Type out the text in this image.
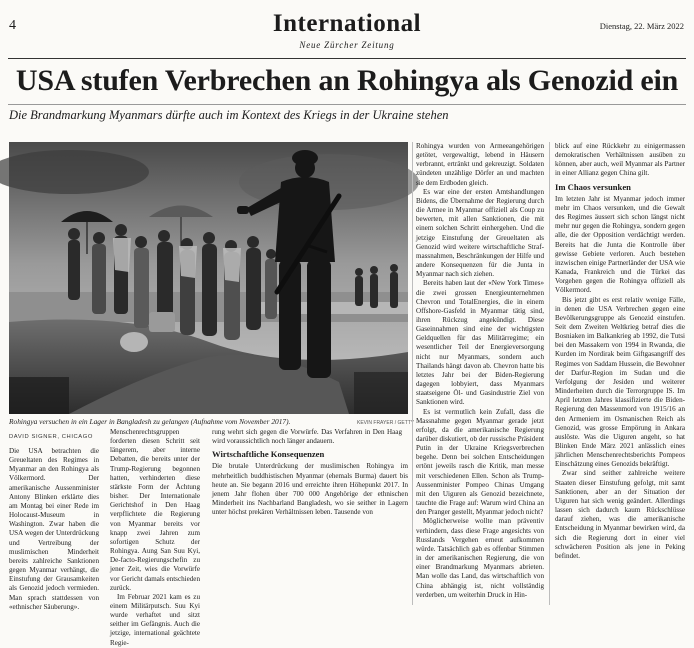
4	International
Neue Zürcher Zeitung
Dienstag, 22. März 2022
USA stufen Verbrechen an Rohingya als Genozid ein
Die Brandmarkung Myanmars dürfte auch im Kontext des Kriegs in der Ukraine stehen
Rohingya versuchen in ein Lager in Bangladesh zu gelangen (Aufnahme vom November 2017).	KEVIN FRAYER / GETTY
DAVID SIGNER, CHICAGO

Die USA betrachten die Greueltaten des Regimes in Myanmar an den Rohingya als Völkermord. Der amerikanische Aussenminister Antony Blinken erklärte dies am Montag bei einer Rede im Holocaust-Museum in Washington. Zwar haben die USA wegen der Unterdrückung und Vertreibung der muslimischen Minderheit bereits zahlreiche Sanktionen gegen Myanmar verhängt, die Einstufung der Grausamkeiten als Genozid jedoch vermieden. Man sprach stattdessen von «ethnischer Säuberung».

Menschenrechtsgruppen forderten diesen Schritt seit längerem, aber interne Debatten, die bereits unter der Trump-Regierung begonnen hatten, verhinderten diese stärkste Form der Ächtung bisher. Der Internationale Gerichtshof in Den Haag verpflichtete die Regierung von Myanmar bereits vor knapp zwei Jahren zum sofortigen Schutz der Rohingya. Aung San Suu Kyi, De-facto-Regierungschefin zu jener Zeit, wies die Vorwürfe vor Gericht damals entschieden zurück.

Im Februar 2021 kam es zu einem Militärputsch. Suu Kyi wurde verhaftet und sitzt seither im Gefängnis. Auch die jetzige, international geächtete Regie-

rung wehrt sich gegen die Vorwürfe. Das Verfahren in Den Haag wird voraussichtlich noch länger andauern.

Wirtschaftliche Konsequenzen

Die brutale Unterdrückung der muslimischen Rohingya im mehrheitlich buddhistischen Myanmar (ehemals Burma) dauert bis heute an. Sie begann 2016 und erreichte ihren Höhepunkt 2017. In jenem Jahr flohen über 700 000 Angehörige der ethnischen Minderheit ins Nachbarland Bangladesh, wo sie seither in Lagern unter höchst prekären Verhältnissen leben. Tausende von

Rohingya wurden von Armeeangehörigen getötet, vergewaltigt, lebend in Häusern verbrannt, ertränkt und gekreuzigt. Soldaten zündeten unzählige Dörfer an und machten sie dem Erdboden gleich.

Es war eine der ersten Amtshandlungen Bidens, die Übernahme der Regierung durch die Armee in Myanmar offiziell als Coup zu bewerten, mit allen Sanktionen, die mit einem solchen Schritt einhergehen. Und die jetzige Einstufung der Greueltaten als Genozid wird weitere wirtschaftliche Strafmassnahmen, Beschränkungen der Hilfe und andere Konsequenzen für die Junta in Myanmar nach sich ziehen.

Bereits haben laut der «New York Times» die zwei grossen Energieunternehmen Chevron und TotalEnergies, die in einem Offshore-Gasfeld in Myanmar tätig sind, ihren Rückzug angekündigt. Diese Gaseinnahmen sind eine der wichtigsten Geldquellen für das Militärregime; ein wesentlicher Teil der Energieversorgung nicht nur Myanmars, sondern auch Thailands hängt davon ab. Chevron hatte bis letztes Jahr bei der Biden-Regierung dagegen lobbyiert, dass Myanmars staatseigene Öl- und Gasindustrie Ziel von Sanktionen wird.

Es ist vermutlich kein Zufall, dass die Massnahme gegen Myanmar gerade jetzt erfolgt, da die amerikanische Regierung darüber diskutiert, ob der russische Präsident Putin in der Ukraine Kriegsverbrechen begehe. Denn bei solchen Entscheidungen ertönt jeweils rasch die Kritik, man messe mit verschiedenen Ellen. Schon als Trump-Aussenminister Pompeo Chinas Umgang mit den Uiguren als Genozid bezeichnete, tauchte die Frage auf: Warum wird China an den Pranger gestellt, Myanmar jedoch nicht?

Möglicherweise wollte man präventiv verhindern, dass diese Frage angesichts von Russlands Vergehen erneut aufkommen würde. Tatsächlich gab es offenbar Stimmen in der amerikanischen Regierung, die von einer Brandmarkung Myanmars abrieten. Man wolle das Land, das wirtschaftlich von China abhängig ist, nicht vollständig verderben, um weiterhin Druck in Hin-

blick auf eine Rückkehr zu einigermassen demokratischen Verhältnissen ausüben zu können, aber auch, weil Myanmar als Partner in einer Allianz gegen China gilt.

Im Chaos versunken

Im letzten Jahr ist Myanmar jedoch immer mehr im Chaos versunken, und die Gewalt des Regimes äussert sich schon längst nicht mehr nur gegen die Rohingya, sondern gegen alle, die der Opposition verdächtigt werden. Bereits hat die Junta die Kontrolle über gewisse Gebiete verloren. Auch bestehen inzwischen einige Partnerländer der USA wie Kanada, Frankreich und die Türkei das Vorgehen gegen die Rohingya offiziell als Völkermord.

Bis jetzt gibt es erst relativ wenige Fälle, in denen die USA Verbrechen gegen eine Bevölkerungsgruppe als Genozid einstufen. Seit dem Zweiten Weltkrieg betraf dies die Bosniaken im Balkankrieg ab 1992, die Tutsi bei den Massakern von 1994 in Rwanda, die Kurden im Nordirak beim Giftgasangriff des Regimes von Saddam Hussein, die Bewohner der Darfur-Region im Sudan und die Verfolgung der Jesiden und weiterer Minderheiten durch die Terrorgruppe IS. Im April letzten Jahres klassifizierte die Biden-Regierung den Massenmord von 1915/16 an den Armeniern im Osmanischen Reich als Genozid, was grosse Empörung in Ankara auslöste. Was die Uiguren angeht, so hat Blinken Ende März 2021 anlässlich eines jährlichen Menschenrechtsberichts Pompeos Einschätzung eines Genozids bekräftigt.

Zwar sind seither zahlreiche weitere Staaten dieser Einstufung gefolgt, mit samt Sanktionen, aber an der Situation der Uiguren hat sich wenig geändert. Allerdings lassen sich dadurch kaum Rückschlüsse darauf ziehen, was die amerikanische Entscheidung in Myanmar bewirken wird, da sich die Regierung dort in einer viel schwächeren Position als jene in Peking befindet.
